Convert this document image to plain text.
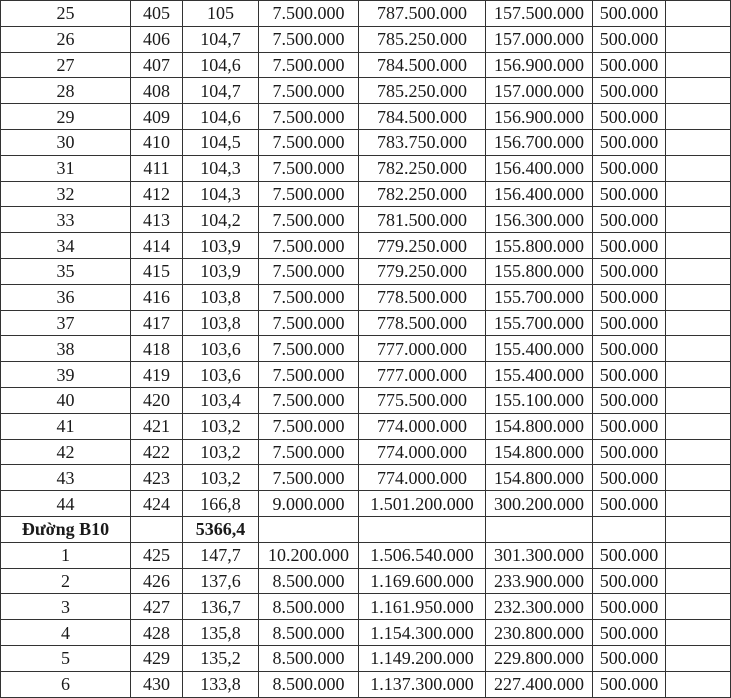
25	405	105	7.500.000	787.500.000	157.500.000	500.000	
26	406	104,7	7.500.000	785.250.000	157.000.000	500.000	
27	407	104,6	7.500.000	784.500.000	156.900.000	500.000	
28	408	104,7	7.500.000	785.250.000	157.000.000	500.000	
29	409	104,6	7.500.000	784.500.000	156.900.000	500.000	
30	410	104,5	7.500.000	783.750.000	156.700.000	500.000	
31	411	104,3	7.500.000	782.250.000	156.400.000	500.000	
32	412	104,3	7.500.000	782.250.000	156.400.000	500.000	
33	413	104,2	7.500.000	781.500.000	156.300.000	500.000	
34	414	103,9	7.500.000	779.250.000	155.800.000	500.000	
35	415	103,9	7.500.000	779.250.000	155.800.000	500.000	
36	416	103,8	7.500.000	778.500.000	155.700.000	500.000	
37	417	103,8	7.500.000	778.500.000	155.700.000	500.000	
38	418	103,6	7.500.000	777.000.000	155.400.000	500.000	
39	419	103,6	7.500.000	777.000.000	155.400.000	500.000	
40	420	103,4	7.500.000	775.500.000	155.100.000	500.000	
41	421	103,2	7.500.000	774.000.000	154.800.000	500.000	
42	422	103,2	7.500.000	774.000.000	154.800.000	500.000	
43	423	103,2	7.500.000	774.000.000	154.800.000	500.000	
44	424	166,8	9.000.000	1.501.200.000	300.200.000	500.000	
Đường B10		5366,4					
1	425	147,7	10.200.000	1.506.540.000	301.300.000	500.000	
2	426	137,6	8.500.000	1.169.600.000	233.900.000	500.000	
3	427	136,7	8.500.000	1.161.950.000	232.300.000	500.000	
4	428	135,8	8.500.000	1.154.300.000	230.800.000	500.000	
5	429	135,2	8.500.000	1.149.200.000	229.800.000	500.000	
6	430	133,8	8.500.000	1.137.300.000	227.400.000	500.000	
